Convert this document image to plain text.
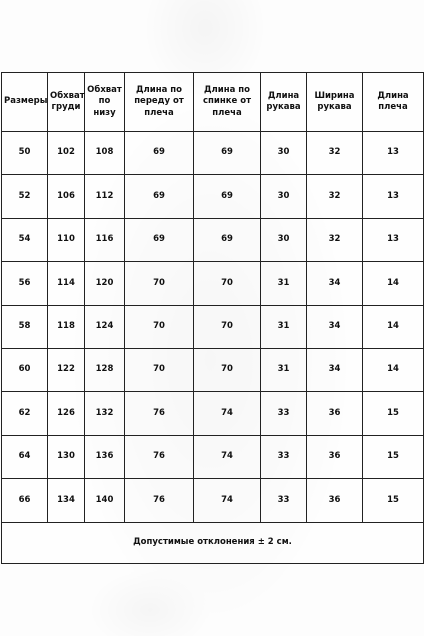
Размеры	Обхват груди	Обхват по низу	Длина по переду от плеча	Длина по спинке от плеча	Длина рукава	Ширина рукава	Длина плеча
50	102	108	69	69	30	32	13
52	106	112	69	69	30	32	13
54	110	116	69	69	30	32	13
56	114	120	70	70	31	34	14
58	118	124	70	70	31	34	14
60	122	128	70	70	31	34	14
62	126	132	76	74	33	36	15
64	130	136	76	74	33	36	15
66	134	140	76	74	33	36	15
Допустимые отклонения ± 2 см.							
